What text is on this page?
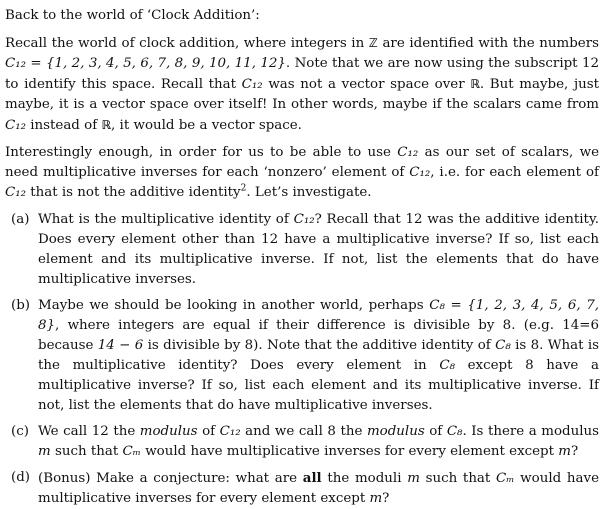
Back to the world of ‘Clock Addition’:
Recall the world of clock addition, where integers in ℤ are identified with the numbers C₁₂ = {1, 2, 3, 4, 5, 6, 7, 8, 9, 10, 11, 12}. Note that we are now using the subscript 12 to identify this space. Recall that C₁₂ was not a vector space over ℝ. But maybe, just maybe, it is a vector space over itself! In other words, maybe if the scalars came from C₁₂ instead of ℝ, it would be a vector space.
Interestingly enough, in order for us to be able to use C₁₂ as our set of scalars, we need multiplicative inverses for each ‘nonzero’ element of C₁₂, i.e. for each element of C₁₂ that is not the additive identity$^2$. Let’s investigate.
(a) What is the multiplicative identity of C₁₂? Recall that 12 was the additive identity. Does every element other than 12 have a multiplicative inverse? If so, list each element and its multiplicative inverse. If not, list the elements that do have multiplicative inverses.
(b) Maybe we should be looking in another world, perhaps C₈ = {1, 2, 3, 4, 5, 6, 7, 8}, where integers are equal if their difference is divisible by 8. (e.g. 14=6 because 14 − 6 is divisible by 8). Note that the additive identity of C₈ is 8. What is the multiplicative identity? Does every element in C₈ except 8 have a multiplicative inverse? If so, list each element and its multiplicative inverse. If not, list the elements that do have multiplicative inverses.
(c) We call 12 the modulus of C₁₂ and we call 8 the modulus of C₈. Is there a modulus m such that Cₘ would have multiplicative inverses for every element except m?
(d) (Bonus) Make a conjecture: what are all the moduli m such that Cₘ would have multiplicative inverses for every element except m?
